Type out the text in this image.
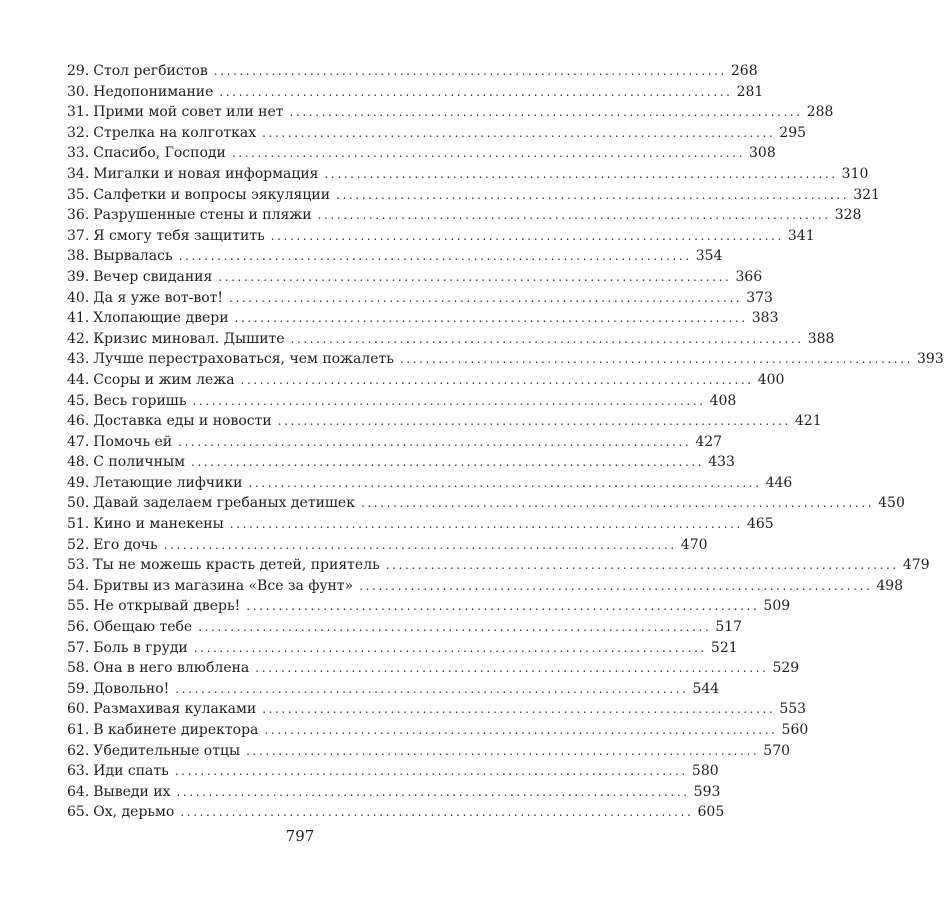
29. Стол регбистов ................................................................................ 268
30. Недопонимание ................................................................................ 281
31. Прими мой совет или нет ................................................................................ 288
32. Стрелка на колготках ................................................................................ 295
33. Спасибо, Господи ................................................................................ 308
34. Мигалки и новая информация ................................................................................ 310
35. Салфетки и вопросы эякуляции ................................................................................ 321
36. Разрушенные стены и пляжи ................................................................................ 328
37. Я смогу тебя защитить ................................................................................ 341
38. Вырвалась ................................................................................ 354
39. Вечер свидания ................................................................................ 366
40. Да я уже вот-вот! ................................................................................ 373
41. Хлопающие двери ................................................................................ 383
42. Кризис миновал. Дышите ................................................................................ 388
43. Лучше перестраховаться, чем пожалеть ................................................................................ 393
44. Ссоры и жим лежа ................................................................................ 400
45. Весь горишь ................................................................................ 408
46. Доставка еды и новости ................................................................................ 421
47. Помочь ей ................................................................................ 427
48. С поличным ................................................................................ 433
49. Летающие лифчики ................................................................................ 446
50. Давай заделаем гребаных детишек ................................................................................ 450
51. Кино и манекены ................................................................................ 465
52. Его дочь ................................................................................ 470
53. Ты не можешь красть детей, приятель ................................................................................ 479
54. Бритвы из магазина «Все за фунт» ................................................................................ 498
55. Не открывай дверь! ................................................................................ 509
56. Обещаю тебе ................................................................................ 517
57. Боль в груди ................................................................................ 521
58. Она в него влюблена ................................................................................ 529
59. Довольно! ................................................................................ 544
60. Размахивая кулаками ................................................................................ 553
61. В кабинете директора ................................................................................ 560
62. Убедительные отцы ................................................................................ 570
63. Иди спать ................................................................................ 580
64. Выведи их ................................................................................ 593
65. Ох, дерьмо ................................................................................ 605
797
